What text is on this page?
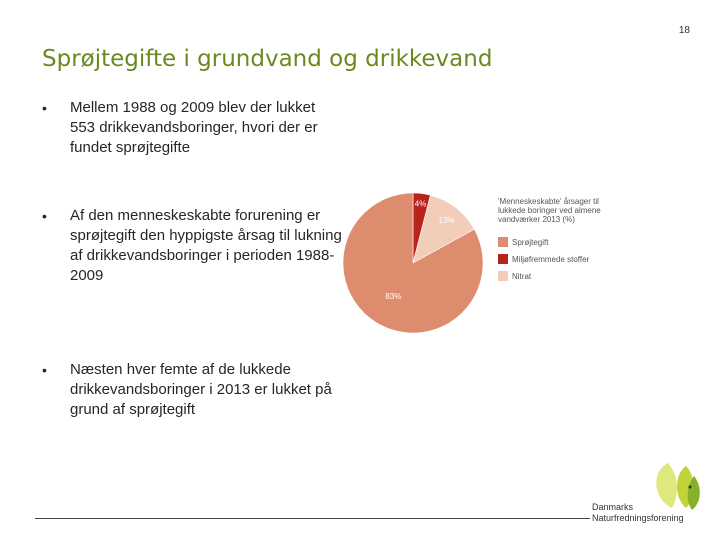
18
Sprøjtegifte i grundvand og drikkevand
•	Mellem 1988 og 2009 blev der lukket 553 drikkevandsboringer, hvori der er fundet sprøjtegifte
•	Af den menneskeskabte forurening er sprøjtegift den hyppigste årsag til lukning af drikkevandsboringer i perioden 1988-2009
•	Næsten hver femte af de lukkede drikkevandsboringer i 2013 er lukket på grund af sprøjtegift
4%
13%
83%
'Menneskeskabte' årsager til lukkede boringer ved almene vandværker 2013 (%)
Sprøjtegift
Miljøfremmede stoffer
Nitrat
Danmarks
Naturfredningsforening
